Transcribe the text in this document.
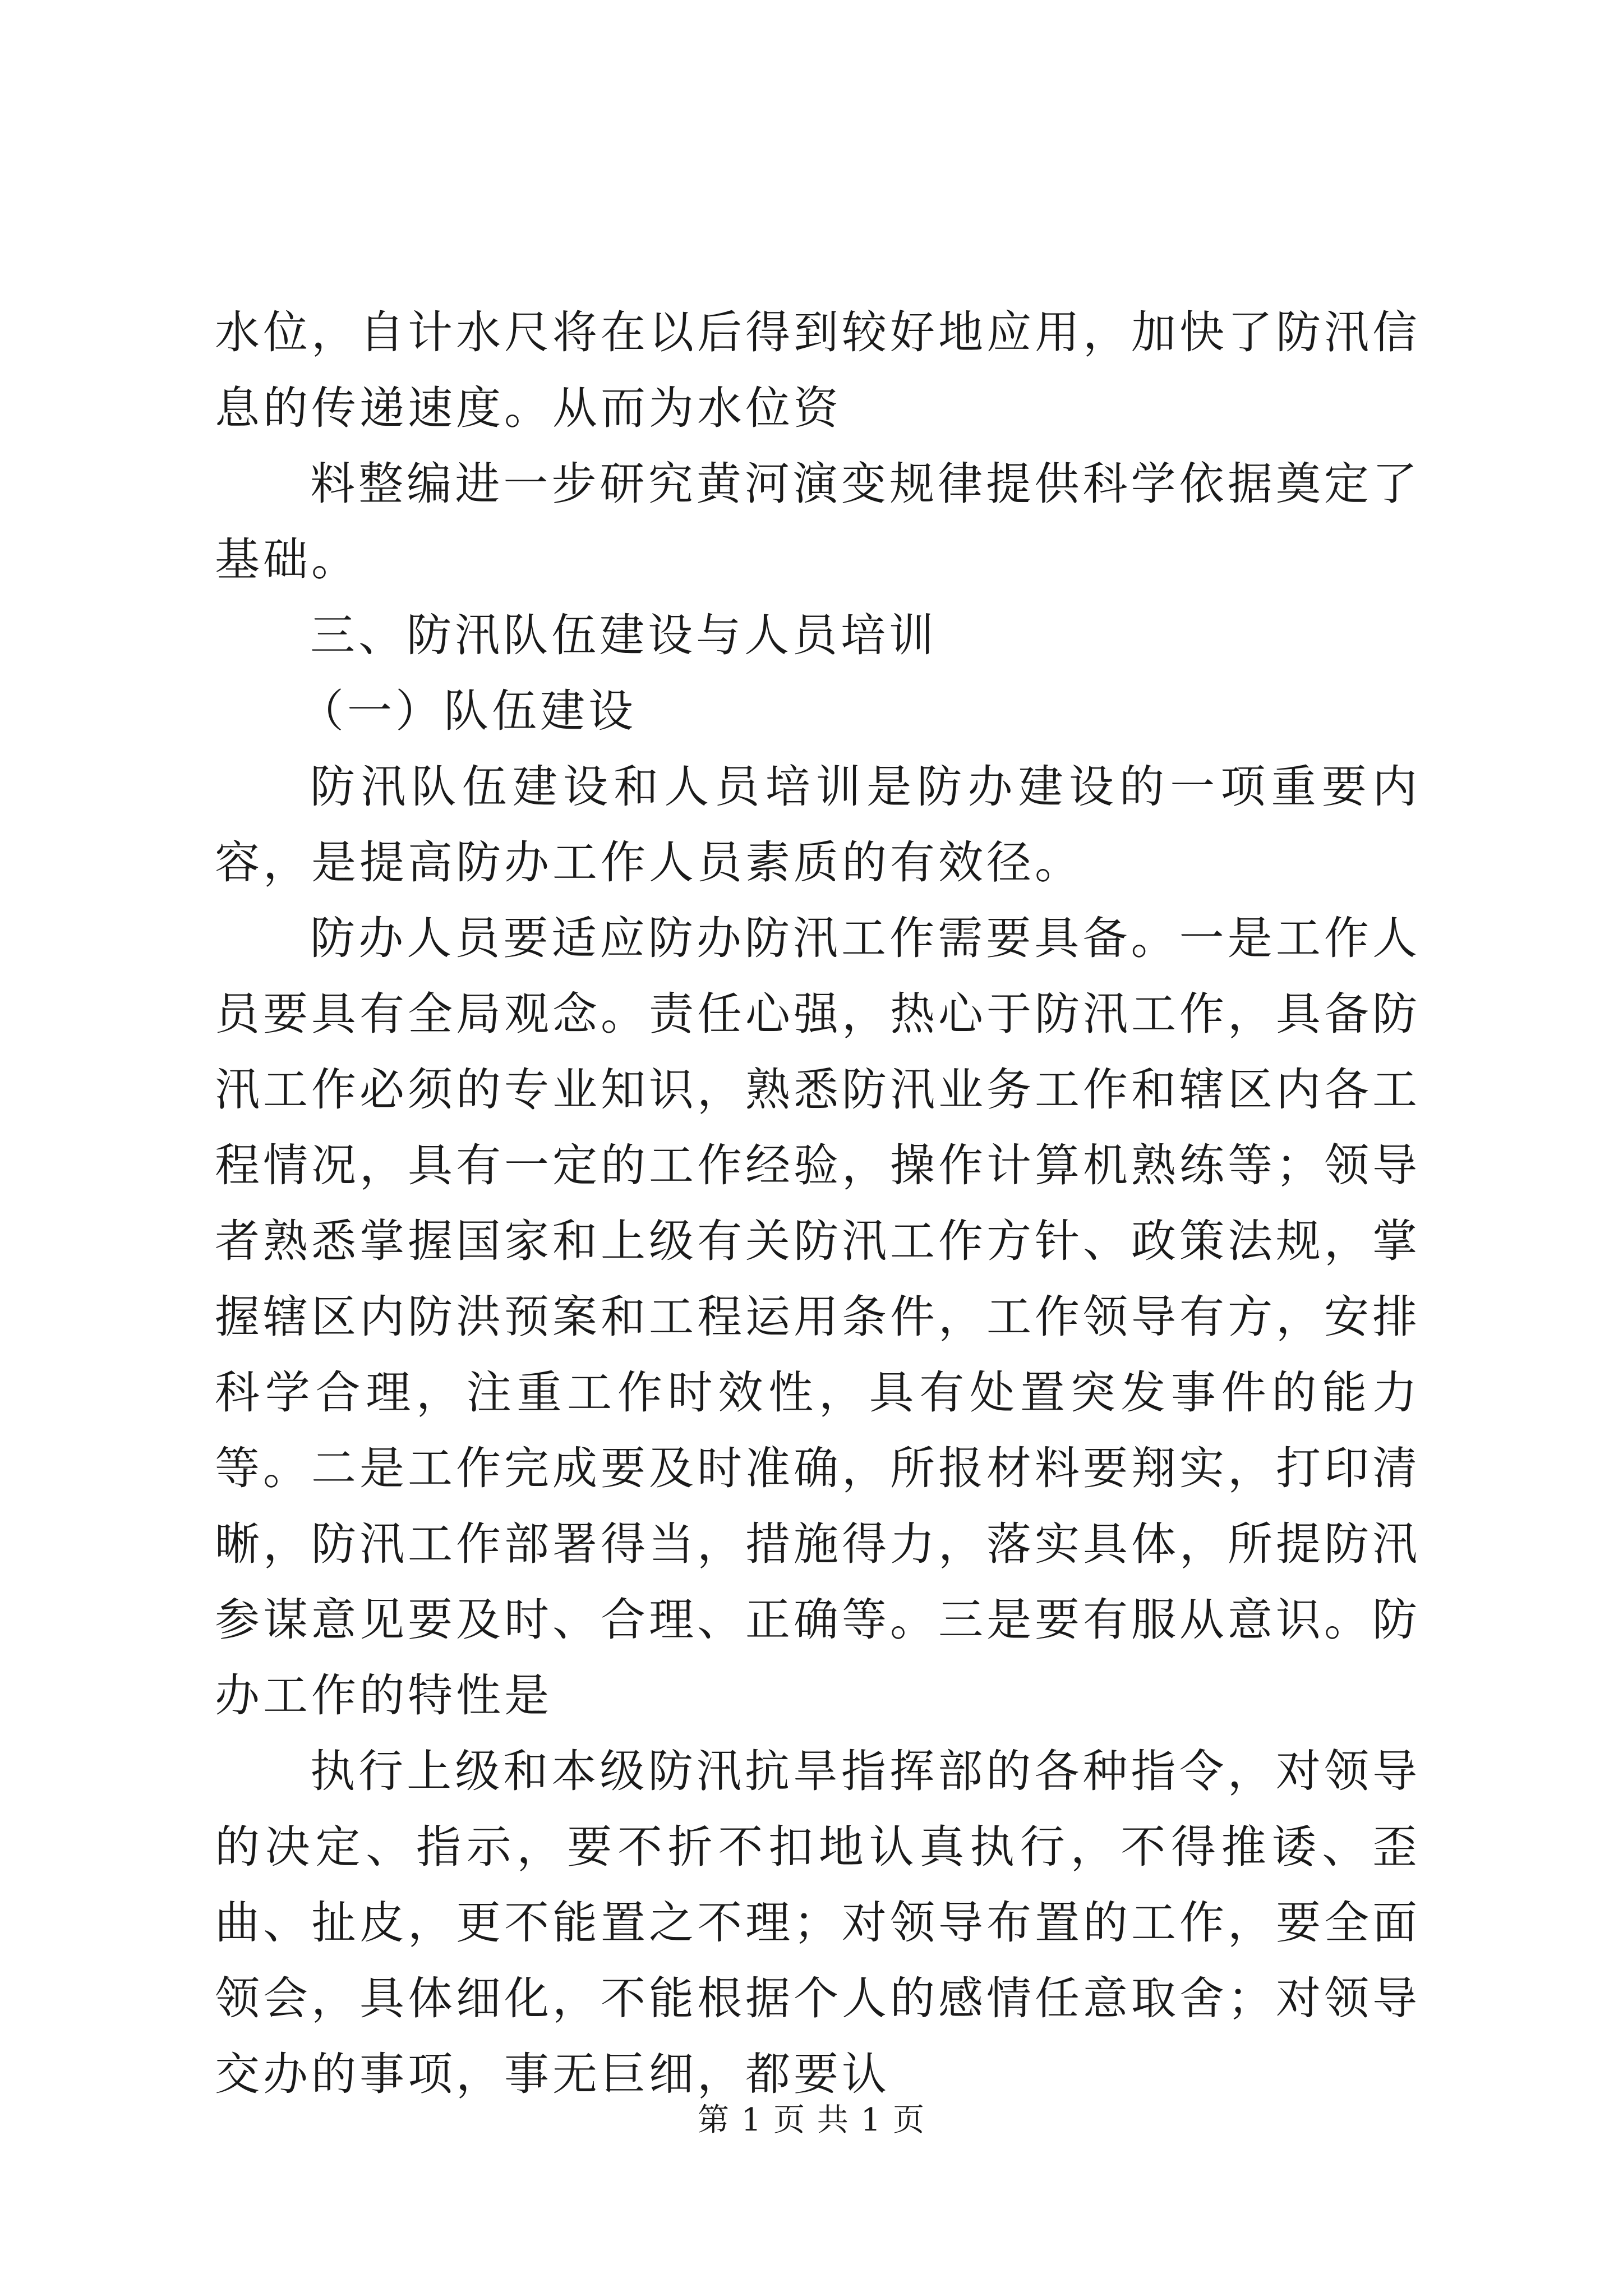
水位，自计水尺将在以后得到较好地应用，加快了防汛信息的传递速度。从而为水位资

料整编进一步研究黄河演变规律提供科学依据奠定了基础。

三、防汛队伍建设与人员培训

（一）队伍建设

防汛队伍建设和人员培训是防办建设的一项重要内容，是提高防办工作人员素质的有效径。

防办人员要适应防办防汛工作需要具备。一是工作人员要具有全局观念。责任心强，热心于防汛工作，具备防汛工作必须的专业知识，熟悉防汛业务工作和辖区内各工程情况，具有一定的工作经验，操作计算机熟练等；领导者熟悉掌握国家和上级有关防汛工作方针、政策法规，掌握辖区内防洪预案和工程运用条件，工作领导有方，安排科学合理，注重工作时效性，具有处置突发事件的能力等。二是工作完成要及时准确，所报材料要翔实，打印清晰，防汛工作部署得当，措施得力，落实具体，所提防汛参谋意见要及时、合理、正确等。三是要有服从意识。防办工作的特性是

执行上级和本级防汛抗旱指挥部的各种指令，对领导的决定、指示，要不折不扣地认真执行，不得推诿、歪曲、扯皮，更不能置之不理；对领导布置的工作，要全面领会，具体细化，不能根据个人的感情任意取舍；对领导交办的事项，事无巨细，都要认

第 1 页 共 1 页
